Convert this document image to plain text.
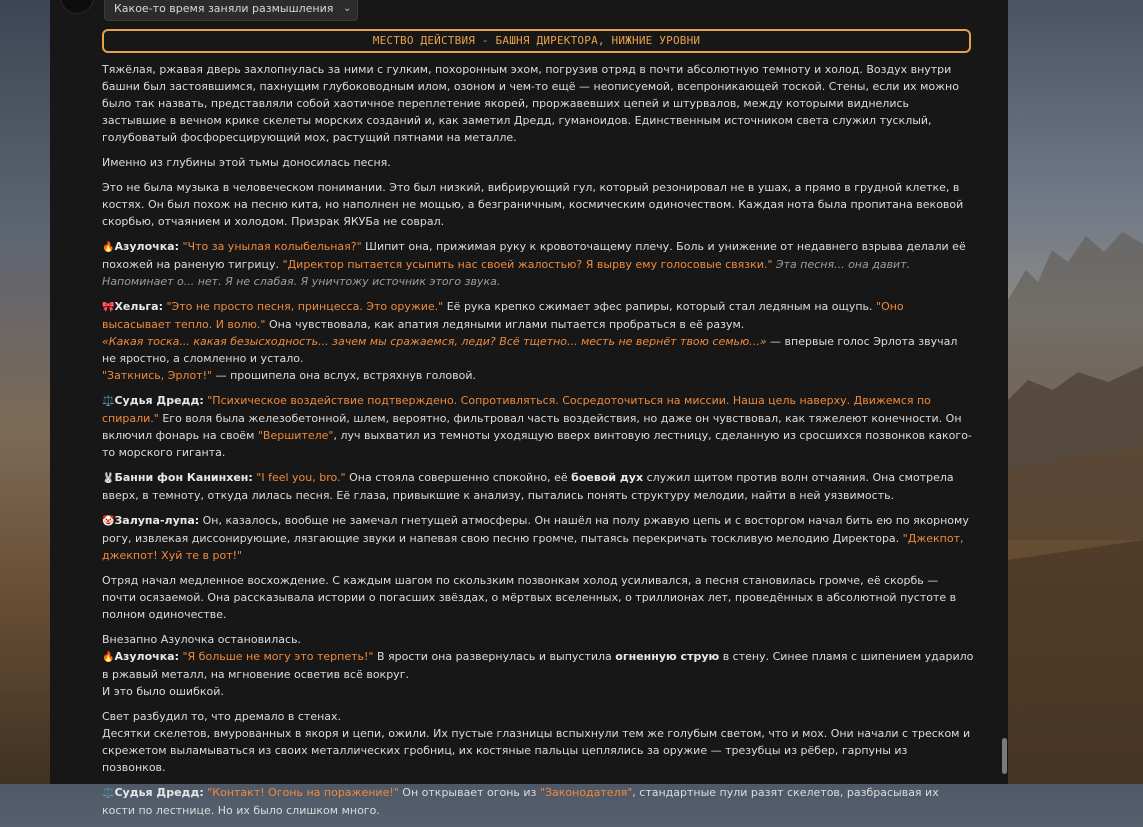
Какое-то время заняли размышления ⌄
МЕСТВО ДЕЙСТВИЯ - БАШНЯ ДИРЕКТОРА, НИЖНИЕ УРОВНИ

Тяжёлая, ржавая дверь захлопнулась за ними с гулким, похоронным эхом, погрузив отряд в почти абсолютную темноту и холод. Воздух внутри башни был застоявшимся, пахнущим глубоководным илом, озоном и чем-то ещё — неописуемой, всепроникающей тоской. Стены, если их можно было так назвать, представляли собой хаотичное переплетение якорей, проржавевших цепей и штурвалов, между которыми виднелись застывшие в вечном крике скелеты морских созданий и, как заметил Дредд, гуманоидов. Единственным источником света служил тусклый, голубоватый фосфоресцирующий мох, растущий пятнами на металле.

Именно из глубины этой тьмы доносилась песня.

Это не была музыка в человеческом понимании. Это был низкий, вибрирующий гул, который резонировал не в ушах, а прямо в грудной клетке, в костях. Он был похож на песню кита, но наполнен не мощью, а безграничным, космическим одиночеством. Каждая нота была пропитана вековой скорбью, отчаянием и холодом. Призрак ЯКУБа не соврал.

🔥Азулочка: "Что за унылая колыбельная?" Шипит она, прижимая руку к кровоточащему плечу. Боль и унижение от недавнего взрыва делали её похожей на раненую тигрицу. "Директор пытается усыпить нас своей жалостью? Я вырву ему голосовые связки." Эта песня... она давит. Напоминает о... нет. Я не слабая. Я уничтожу источник этого звука.

🎀Хельга: "Это не просто песня, принцесса. Это оружие." Её рука крепко сжимает эфес рапиры, который стал ледяным на ощупь. "Оно высасывает тепло. И волю." Она чувствовала, как апатия ледяными иглами пытается пробраться в её разум.
«Какая тоска... какая безысходность... зачем мы сражаемся, леди? Всё тщетно... месть не вернёт твою семью...» — впервые голос Эрлота звучал не яростно, а сломленно и устало.
"Заткнись, Эрлот!" — прошипела она вслух, встряхнув головой.

⚖️Судья Дредд: "Психическое воздействие подтверждено. Сопротивляться. Сосредоточиться на миссии. Наша цель наверху. Движемся по спирали." Его воля была железобетонной, шлем, вероятно, фильтровал часть воздействия, но даже он чувствовал, как тяжелеют конечности. Он включил фонарь на своём "Вершителе", луч выхватил из темноты уходящую вверх винтовую лестницу, сделанную из сросшихся позвонков какого-то морского гиганта.

🐰Банни фон Канинхен: "I feel you, bro." Она стояла совершенно спокойно, её боевой дух служил щитом против волн отчаяния. Она смотрела вверх, в темноту, откуда лилась песня. Её глаза, привыкшие к анализу, пытались понять структуру мелодии, найти в ней уязвимость.

🤡Залупа-лупа: Он, казалось, вообще не замечал гнетущей атмосферы. Он нашёл на полу ржавую цепь и с восторгом начал бить ею по якорному рогу, извлекая диссонирующие, лязгающие звуки и напевая свою песню громче, пытаясь перекричать тоскливую мелодию Директора. "Джекпот, джекпот! Хуй те в рот!"

Отряд начал медленное восхождение. С каждым шагом по скользким позвонкам холод усиливался, а песня становилась громче, её скорбь — почти осязаемой. Она рассказывала истории о погасших звёздах, о мёртвых вселенных, о триллионах лет, проведённых в абсолютной пустоте в полном одиночестве.

Внезапно Азулочка остановилась.
🔥Азулочка: "Я больше не могу это терпеть!" В ярости она развернулась и выпустила огненную струю в стену. Синее пламя с шипением ударило в ржавый металл, на мгновение осветив всё вокруг.
И это было ошибкой.

Свет разбудил то, что дремало в стенах.
Десятки скелетов, вмурованных в якоря и цепи, ожили. Их пустые глазницы вспыхнули тем же голубым светом, что и мох. Они начали с треском и скрежетом выламываться из своих металлических гробниц, их костяные пальцы цеплялись за оружие — трезубцы из рёбер, гарпуны из позвонков.

⚖️Судья Дредд: "Контакт! Огонь на поражение!" Он открывает огонь из "Законодателя", стандартные пули разят скелетов, разбрасывая их кости по лестнице. Но их было слишком много.
